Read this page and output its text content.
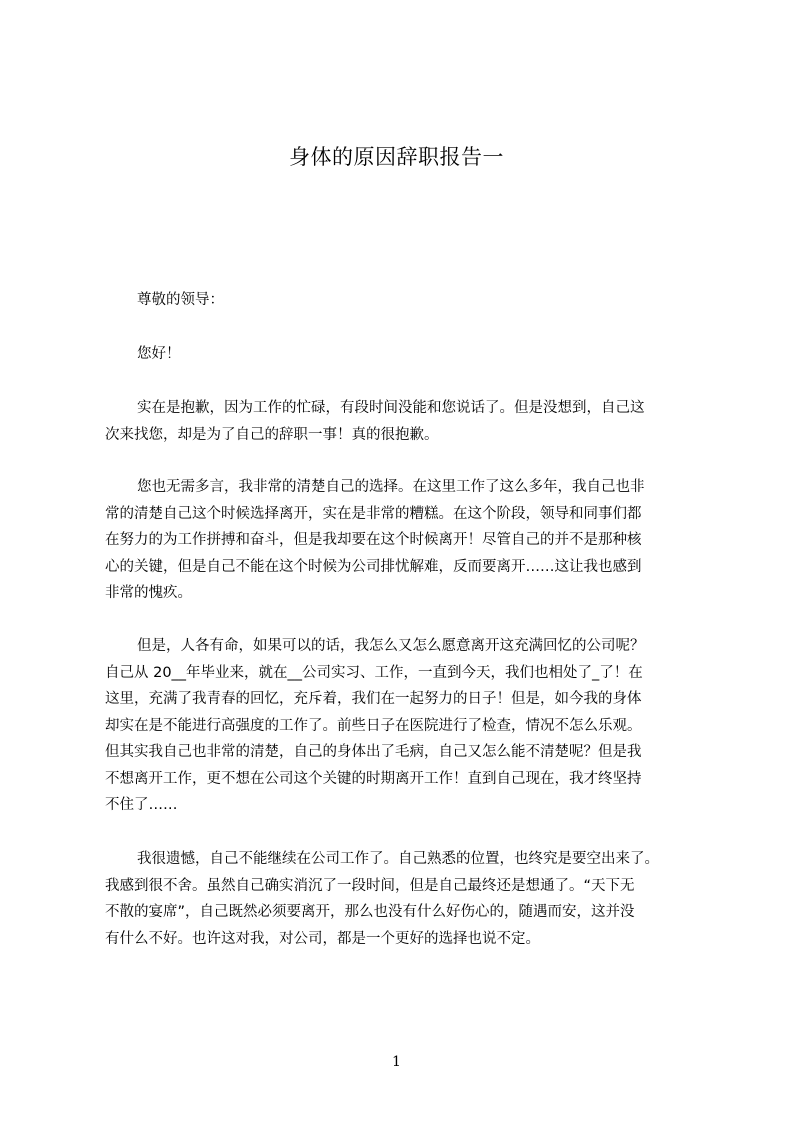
身体的原因辞职报告一
尊敬的领导：
您好！
实在是抱歉，因为工作的忙碌，有段时间没能和您说话了。但是没想到，自己这
次来找您，却是为了自己的辞职一事！真的很抱歉。
您也无需多言，我非常的清楚自己的选择。在这里工作了这么多年，我自己也非
常的清楚自己这个时候选择离开，实在是非常的糟糕。在这个阶段，领导和同事们都
在努力的为工作拼搏和奋斗，但是我却要在这个时候离开！尽管自己的并不是那种核
心的关键，但是自己不能在这个时候为公司排忧解难，反而要离开……这让我也感到
非常的愧疚。
但是，人各有命，如果可以的话，我怎么又怎么愿意离开这充满回忆的公司呢？
自己从 20__年毕业来，就在__公司实习、工作，一直到今天，我们也相处了_了！在
这里，充满了我青春的回忆，充斥着，我们在一起努力的日子！但是，如今我的身体
却实在是不能进行高强度的工作了。前些日子在医院进行了检查，情况不怎么乐观。
但其实我自己也非常的清楚，自己的身体出了毛病，自己又怎么能不清楚呢？但是我
不想离开工作，更不想在公司这个关键的时期离开工作！直到自己现在，我才终坚持
不住了……
我很遗憾，自己不能继续在公司工作了。自己熟悉的位置，也终究是要空出来了。
我感到很不舍。虽然自己确实消沉了一段时间，但是自己最终还是想通了。“天下无
不散的宴席”，自己既然必须要离开，那么也没有什么好伤心的，随遇而安，这并没
有什么不好。也许这对我，对公司，都是一个更好的选择也说不定。
1
